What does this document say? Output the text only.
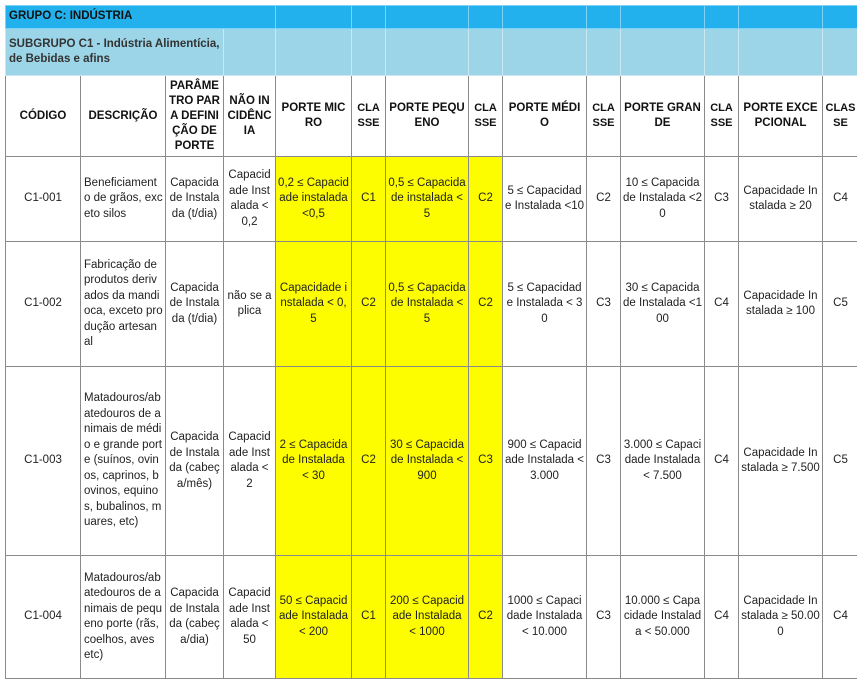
GRUPO C: INDÚSTRIA													
SUBGRUPO C1 - Indústria Alimentícia, de Bebidas e afins													
CÓDIGO	DESCRIÇÃO	PARÂMETRO PARA DEFINIÇÃO DE PORTE	NÃO INCIDÊNCIA	PORTE MICRO	CLASSE	PORTE PEQUENO	CLASSE	PORTE MÉDIO	CLASSE	PORTE GRANDE	CLASSE	PORTE EXCEPCIONAL	CLASSE
C1-001	Beneficiamento de grãos, exceto silos	Capacidade Instalada (t/dia)	Capacidade Instalada < 0,2	0,2 ≤ Capacidade instalada <0,5	C1	0,5 ≤ Capacidade instalada < 5	C2	5 ≤ Capacidade Instalada <10	C2	10 ≤ Capacidade Instalada <20	C3	Capacidade Instalada ≥ 20	C4
C1-002	Fabricação de produtos derivados da mandioca, exceto produção artesanal	Capacidade Instalada (t/dia)	não se aplica	Capacidade instalada < 0,5	C2	0,5 ≤ Capacidade Instalada <5	C2	5 ≤ Capacidade Instalada < 30	C3	30 ≤ Capacidade Instalada <100	C4	Capacidade Instalada ≥ 100	C5
C1-003	Matadouros/abatedouros de animais de médio e grande porte (suínos, ovinos, caprinos, bovinos, equinos, bubalinos, muares, etc)	Capacidade Instalada (cabeça/mês)	Capacidade Instalada < 2	2 ≤ Capacidade Instalada < 30	C2	30 ≤ Capacidade Instalada < 900	C3	900 ≤ Capacidade Instalada < 3.000	C3	3.000 ≤ Capacidade Instalada < 7.500	C4	Capacidade Instalada ≥ 7.500	C5
C1-004	Matadouros/abatedouros de animais de pequeno porte (rãs, coelhos, aves etc)	Capacidade Instalada (cabeça/dia)	Capacidade Instalada < 50	50 ≤ Capacidade Instalada < 200	C1	200 ≤ Capacidade Instalada < 1000	C2	1000 ≤ Capacidade Instalada < 10.000	C3	10.000 ≤ Capacidade Instalada < 50.000	C4	Capacidade Instalada ≥ 50.000	C4
